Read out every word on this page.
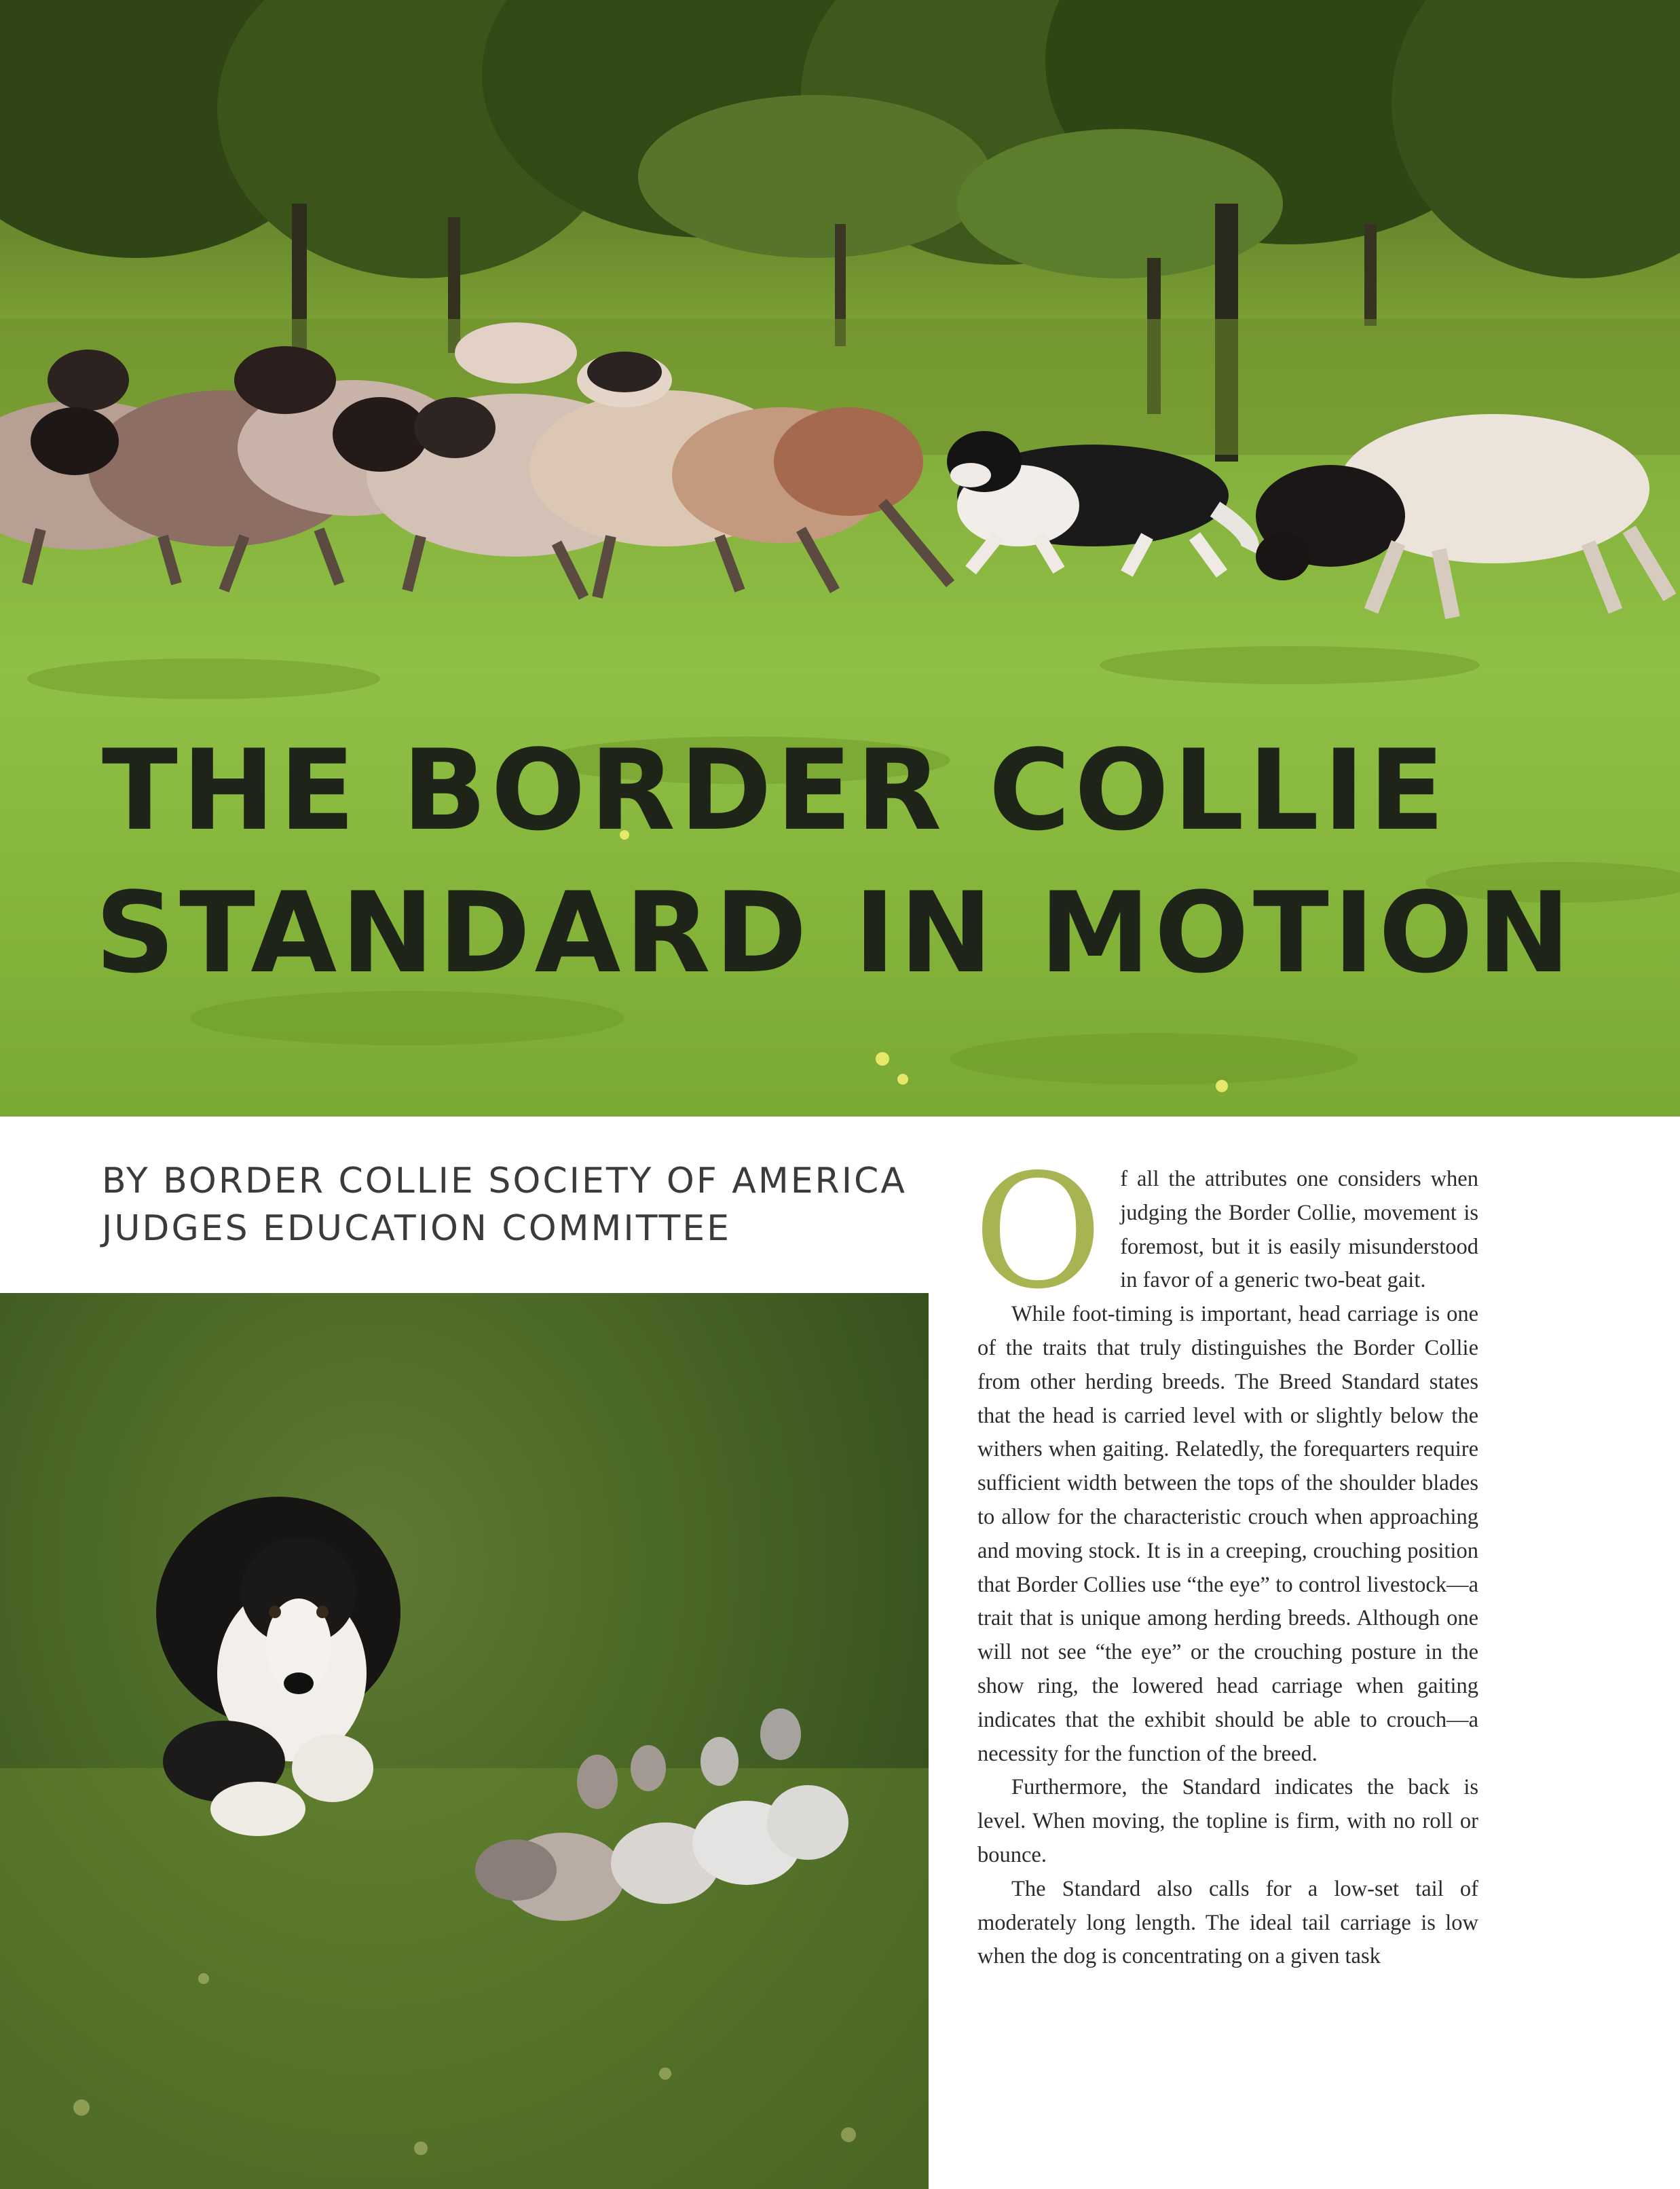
THE BORDER COLLIE
STANDARD IN MOTION
BY BORDER COLLIE SOCIETY OF AMERICA
JUDGES EDUCATION COMMITTEE	Of all the attributes one considers when judging the Border Collie, movement is foremost, but it is easily misunderstood in favor of a generic two-beat gait.

While foot-timing is important, head carriage is one of the traits that truly distinguishes the Border Collie from other herding breeds. The Breed Standard states that the head is carried level with or slightly below the withers when gaiting. Relatedly, the forequarters require sufficient width between the tops of the shoulder blades to allow for the characteristic crouch when approaching and moving stock. It is in a creeping, crouching position that Border Collies use “the eye” to control livestock—a trait that is unique among herding breeds. Although one will not see “the eye” or the crouching posture in the show ring, the lowered head carriage when gaiting indicates that the exhibit should be able to crouch—a necessity for the function of the breed.

Furthermore, the Standard indicates the back is level. When moving, the topline is firm, with no roll or bounce.

The Standard also calls for a low-set tail of moderately long length. The ideal tail carriage is low when the dog is concentrating on a given task
